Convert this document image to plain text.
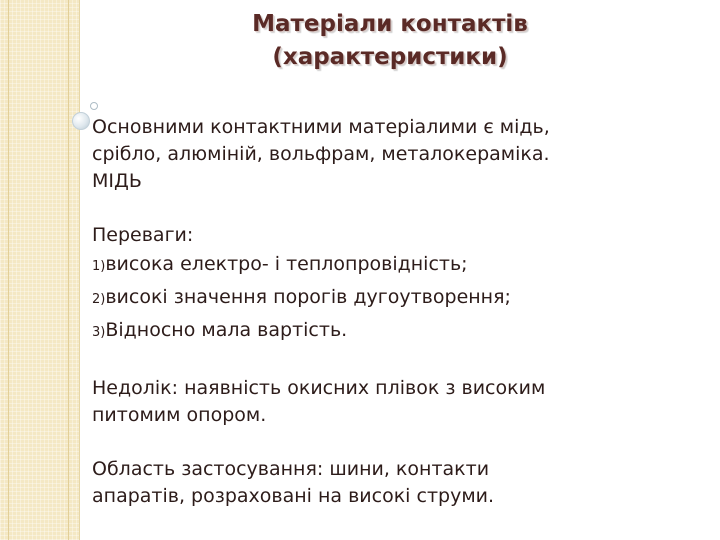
Матеріали контактів
(характеристики)

Основними контактними матеріалими є мідь,

срібло, алюміній, вольфрам, металокераміка.

МІДЬ

Переваги:

1)висока електро- і теплопровідність;

2)високі значення порогів дугоутворення;

3)Відносно мала вартість.

Недолік: наявність окисних плівок з високим

питомим опором.

Область застосування: шини, контакти

апаратів, розраховані на високі струми.
